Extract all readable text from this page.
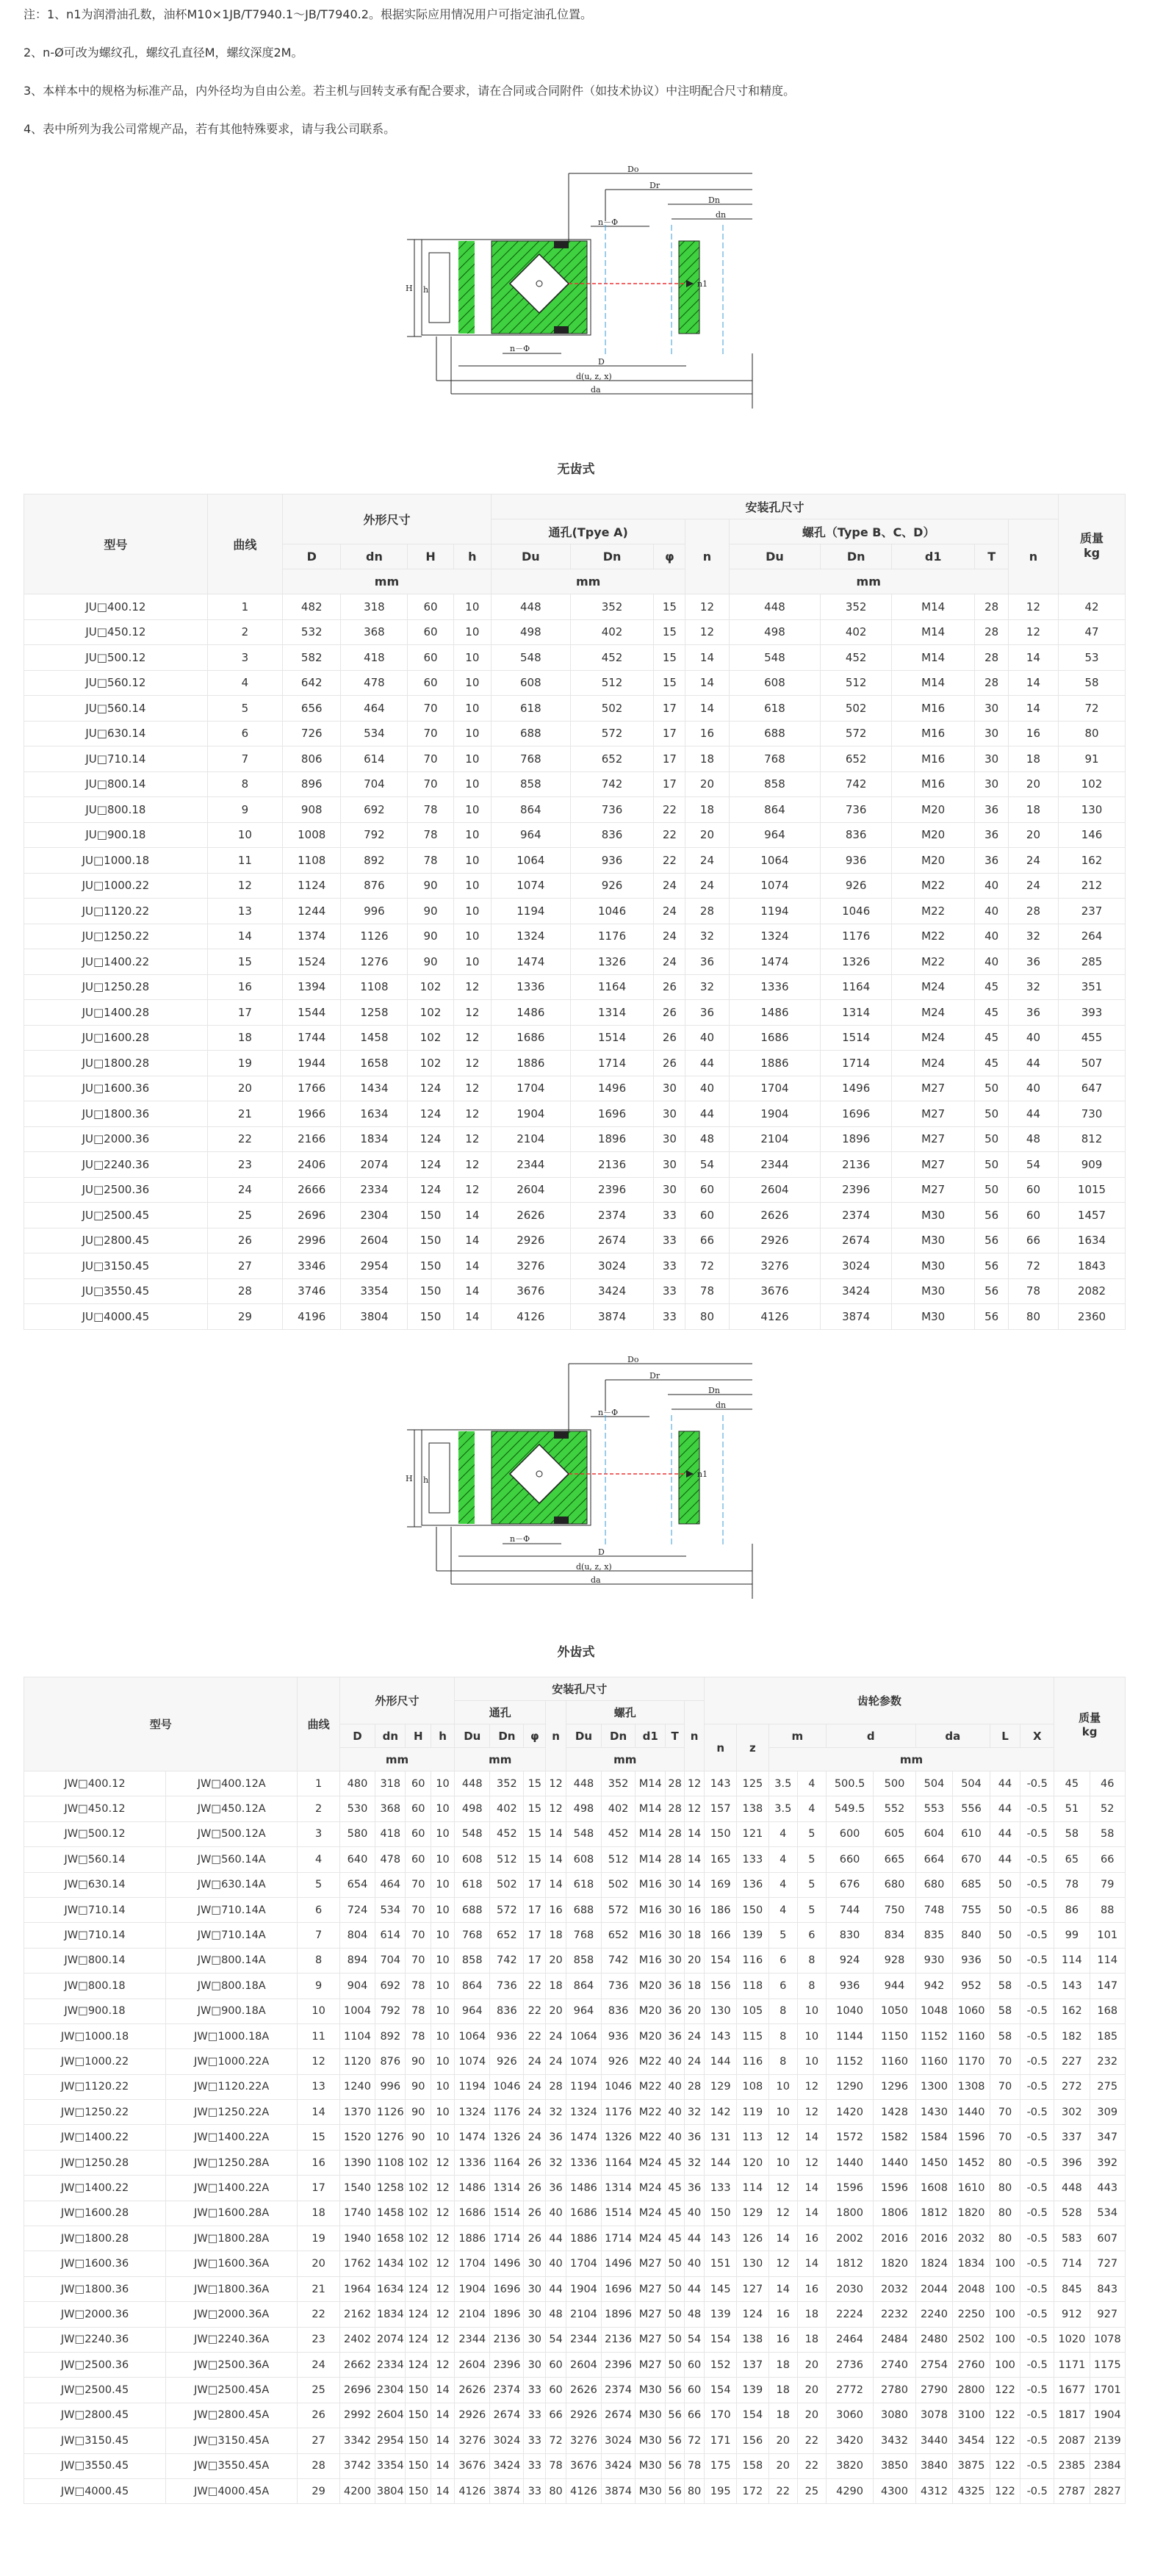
注：1、n1为润滑油孔数，油杯M10×1JB/T7940.1～JB/T7940.2。根据实际应用情况用户可指定油孔位置。

2、n-Ø可改为螺纹孔，螺纹孔直径M，螺纹深度2M。

3、本样本中的规格为标准产品，内外径均为自由公差。若主机与回转支承有配合要求，请在合同或合同附件（如技术协议）中注明配合尺寸和精度。

4、表中所列为我公司常规产品，若有其他特殊要求，请与我公司联系。

Do
Dr
Dn
dn
n－Φ
n1
n－Φ
D
d(u, z, x)
da
H h
无齿式
型号	曲线	外形尺寸				安装孔尺寸									质量
kg
						通孔(Tpye A)			n	螺孔（Type B、C、D）				n	
		D	dn	H	h	Du	Dn	φ		Du	Dn	d1	T		
		mm				mm				mm					
JU□400.12	1	482	318	60	10	448	352	15	12	448	352	M14	28	12	42
JU□450.12	2	532	368	60	10	498	402	15	12	498	402	M14	28	12	47
JU□500.12	3	582	418	60	10	548	452	15	14	548	452	M14	28	14	53
JU□560.12	4	642	478	60	10	608	512	15	14	608	512	M14	28	14	58
JU□560.14	5	656	464	70	10	618	502	17	14	618	502	M16	30	14	72
JU□630.14	6	726	534	70	10	688	572	17	16	688	572	M16	30	16	80
JU□710.14	7	806	614	70	10	768	652	17	18	768	652	M16	30	18	91
JU□800.14	8	896	704	70	10	858	742	17	20	858	742	M16	30	20	102
JU□800.18	9	908	692	78	10	864	736	22	18	864	736	M20	36	18	130
JU□900.18	10	1008	792	78	10	964	836	22	20	964	836	M20	36	20	146
JU□1000.18	11	1108	892	78	10	1064	936	22	24	1064	936	M20	36	24	162
JU□1000.22	12	1124	876	90	10	1074	926	24	24	1074	926	M22	40	24	212
JU□1120.22	13	1244	996	90	10	1194	1046	24	28	1194	1046	M22	40	28	237
JU□1250.22	14	1374	1126	90	10	1324	1176	24	32	1324	1176	M22	40	32	264
JU□1400.22	15	1524	1276	90	10	1474	1326	24	36	1474	1326	M22	40	36	285
JU□1250.28	16	1394	1108	102	12	1336	1164	26	32	1336	1164	M24	45	32	351
JU□1400.28	17	1544	1258	102	12	1486	1314	26	36	1486	1314	M24	45	36	393
JU□1600.28	18	1744	1458	102	12	1686	1514	26	40	1686	1514	M24	45	40	455
JU□1800.28	19	1944	1658	102	12	1886	1714	26	44	1886	1714	M24	45	44	507
JU□1600.36	20	1766	1434	124	12	1704	1496	30	40	1704	1496	M27	50	40	647
JU□1800.36	21	1966	1634	124	12	1904	1696	30	44	1904	1696	M27	50	44	730
JU□2000.36	22	2166	1834	124	12	2104	1896	30	48	2104	1896	M27	50	48	812
JU□2240.36	23	2406	2074	124	12	2344	2136	30	54	2344	2136	M27	50	54	909
JU□2500.36	24	2666	2334	124	12	2604	2396	30	60	2604	2396	M27	50	60	1015
JU□2500.45	25	2696	2304	150	14	2626	2374	33	60	2626	2374	M30	56	60	1457
JU□2800.45	26	2996	2604	150	14	2926	2674	33	66	2926	2674	M30	56	66	1634
JU□3150.45	27	3346	2954	150	14	3276	3024	33	72	3276	3024	M30	56	72	1843
JU□3550.45	28	3746	3354	150	14	3676	3424	33	78	3676	3424	M30	56	78	2082
JU□4000.45	29	4196	3804	150	14	4126	3874	33	80	4126	3874	M30	56	80	2360
Do
Dr
Dn
dn
n－Φ
n1
n－Φ
D
d(u, z, x)
da
H h
外齿式
型号		曲线	外形尺寸				安装孔尺寸									齿轮参数										质量
kg	
							通孔			n	螺孔				n												
			D	dn	H	h	Du	Dn	φ		Du	Dn	d1	T		n	z	m		d		da		L	X		
			mm				mm				mm							mm									
JW□400.12	JW□400.12A	1	480	318	60	10	448	352	15	12	448	352	M14	28	12	143	125	3.5	4	500.5	500	504	504	44	-0.5	45	46
JW□450.12	JW□450.12A	2	530	368	60	10	498	402	15	12	498	402	M14	28	12	157	138	3.5	4	549.5	552	553	556	44	-0.5	51	52
JW□500.12	JW□500.12A	3	580	418	60	10	548	452	15	14	548	452	M14	28	14	150	121	4	5	600	605	604	610	44	-0.5	58	58
JW□560.14	JW□560.14A	4	640	478	60	10	608	512	15	14	608	512	M14	28	14	165	133	4	5	660	665	664	670	44	-0.5	65	66
JW□630.14	JW□630.14A	5	654	464	70	10	618	502	17	14	618	502	M16	30	14	169	136	4	5	676	680	680	685	50	-0.5	78	79
JW□710.14	JW□710.14A	6	724	534	70	10	688	572	17	16	688	572	M16	30	16	186	150	4	5	744	750	748	755	50	-0.5	86	88
JW□710.14	JW□710.14A	7	804	614	70	10	768	652	17	18	768	652	M16	30	18	166	139	5	6	830	834	835	840	50	-0.5	99	101
JW□800.14	JW□800.14A	8	894	704	70	10	858	742	17	20	858	742	M16	30	20	154	116	6	8	924	928	930	936	50	-0.5	114	114
JW□800.18	JW□800.18A	9	904	692	78	10	864	736	22	18	864	736	M20	36	18	156	118	6	8	936	944	942	952	58	-0.5	143	147
JW□900.18	JW□900.18A	10	1004	792	78	10	964	836	22	20	964	836	M20	36	20	130	105	8	10	1040	1050	1048	1060	58	-0.5	162	168
JW□1000.18	JW□1000.18A	11	1104	892	78	10	1064	936	22	24	1064	936	M20	36	24	143	115	8	10	1144	1150	1152	1160	58	-0.5	182	185
JW□1000.22	JW□1000.22A	12	1120	876	90	10	1074	926	24	24	1074	926	M22	40	24	144	116	8	10	1152	1160	1160	1170	70	-0.5	227	232
JW□1120.22	JW□1120.22A	13	1240	996	90	10	1194	1046	24	28	1194	1046	M22	40	28	129	108	10	12	1290	1296	1300	1308	70	-0.5	272	275
JW□1250.22	JW□1250.22A	14	1370	1126	90	10	1324	1176	24	32	1324	1176	M22	40	32	142	119	10	12	1420	1428	1430	1440	70	-0.5	302	309
JW□1400.22	JW□1400.22A	15	1520	1276	90	10	1474	1326	24	36	1474	1326	M22	40	36	131	113	12	14	1572	1582	1584	1596	70	-0.5	337	347
JW□1250.28	JW□1250.28A	16	1390	1108	102	12	1336	1164	26	32	1336	1164	M24	45	32	144	120	10	12	1440	1440	1450	1452	80	-0.5	396	392
JW□1400.22	JW□1400.22A	17	1540	1258	102	12	1486	1314	26	36	1486	1314	M24	45	36	133	114	12	14	1596	1596	1608	1610	80	-0.5	448	443
JW□1600.28	JW□1600.28A	18	1740	1458	102	12	1686	1514	26	40	1686	1514	M24	45	40	150	129	12	14	1800	1806	1812	1820	80	-0.5	528	534
JW□1800.28	JW□1800.28A	19	1940	1658	102	12	1886	1714	26	44	1886	1714	M24	45	44	143	126	14	16	2002	2016	2016	2032	80	-0.5	583	607
JW□1600.36	JW□1600.36A	20	1762	1434	102	12	1704	1496	30	40	1704	1496	M27	50	40	151	130	12	14	1812	1820	1824	1834	100	-0.5	714	727
JW□1800.36	JW□1800.36A	21	1964	1634	124	12	1904	1696	30	44	1904	1696	M27	50	44	145	127	14	16	2030	2032	2044	2048	100	-0.5	845	843
JW□2000.36	JW□2000.36A	22	2162	1834	124	12	2104	1896	30	48	2104	1896	M27	50	48	139	124	16	18	2224	2232	2240	2250	100	-0.5	912	927
JW□2240.36	JW□2240.36A	23	2402	2074	124	12	2344	2136	30	54	2344	2136	M27	50	54	154	138	16	18	2464	2484	2480	2502	100	-0.5	1020	1078
JW□2500.36	JW□2500.36A	24	2662	2334	124	12	2604	2396	30	60	2604	2396	M27	50	60	152	137	18	20	2736	2740	2754	2760	100	-0.5	1171	1175
JW□2500.45	JW□2500.45A	25	2696	2304	150	14	2626	2374	33	60	2626	2374	M30	56	60	154	139	18	20	2772	2780	2790	2800	122	-0.5	1677	1701
JW□2800.45	JW□2800.45A	26	2992	2604	150	14	2926	2674	33	66	2926	2674	M30	56	66	170	154	18	20	3060	3080	3078	3100	122	-0.5	1817	1904
JW□3150.45	JW□3150.45A	27	3342	2954	150	14	3276	3024	33	72	3276	3024	M30	56	72	171	156	20	22	3420	3432	3440	3454	122	-0.5	2087	2139
JW□3550.45	JW□3550.45A	28	3742	3354	150	14	3676	3424	33	78	3676	3424	M30	56	78	175	158	20	22	3820	3850	3840	3875	122	-0.5	2385	2384
JW□4000.45	JW□4000.45A	29	4200	3804	150	14	4126	3874	33	80	4126	3874	M30	56	80	195	172	22	25	4290	4300	4312	4325	122	-0.5	2787	2827
